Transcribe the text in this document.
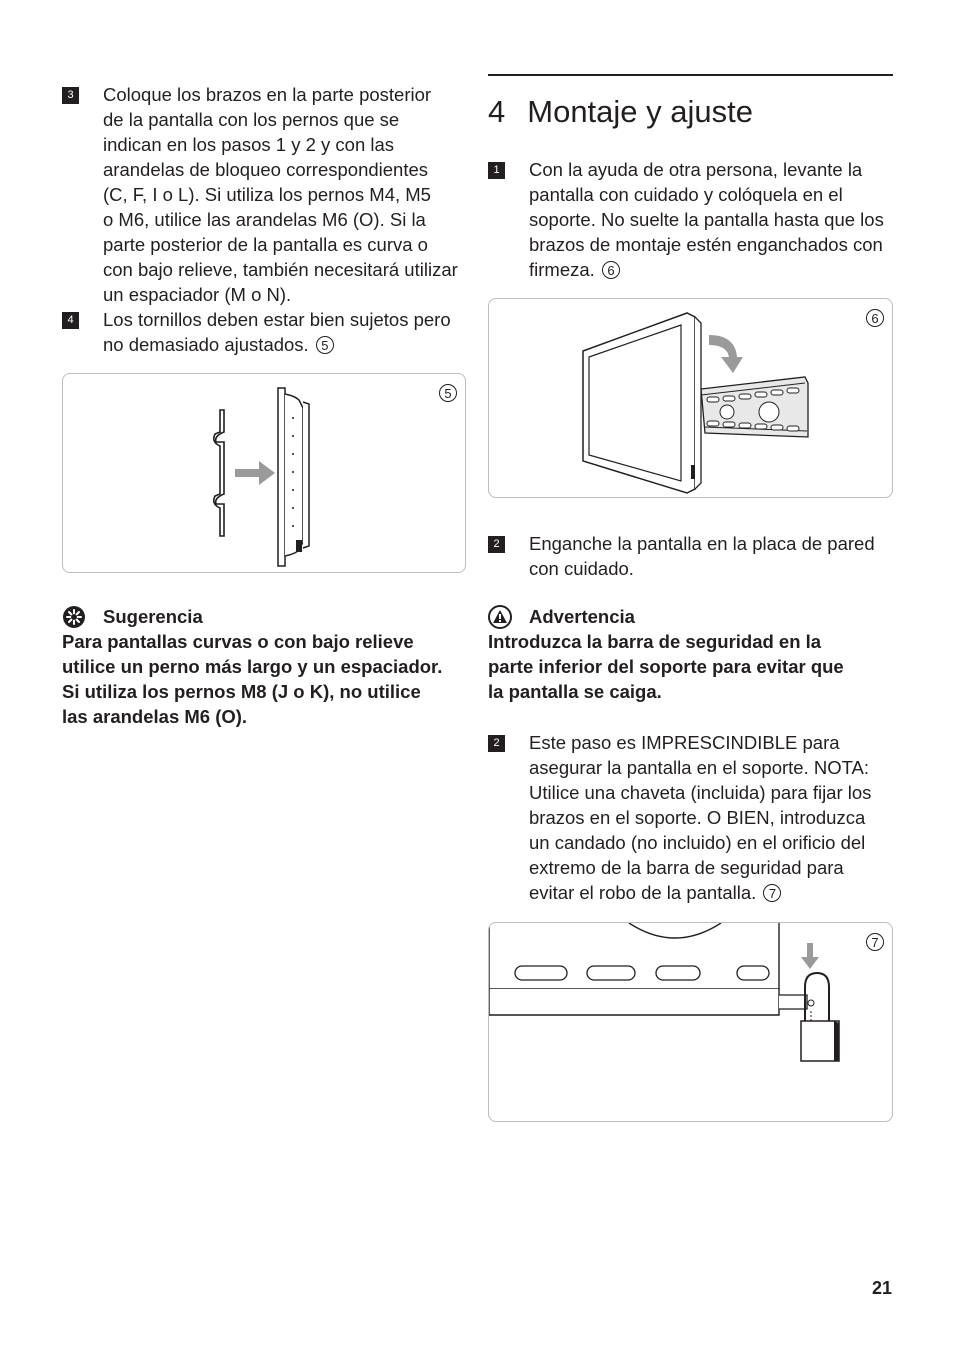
3 Coloque los brazos en la parte posterior
de la pantalla con los pernos que se
indican en los pasos 1 y 2 y con las
arandelas de bloqueo correspondientes
(C, F, I o L). Si utiliza los pernos M4, M5
o M6, utilice las arandelas M6 (O). Si la
parte posterior de la pantalla es curva o
con bajo relieve, también necesitará utilizar
un espaciador (M o N).
4 Los tornillos deben estar bien sujetos pero
no demasiado ajustados. 5
5
Sugerencia
Para pantallas curvas o con bajo relieve
utilice un perno más largo y un espaciador.
Si utiliza los pernos M8 (J o K), no utilice
las arandelas M6 (O).
4 Montaje y ajuste
1 Con la ayuda de otra persona, levante la
pantalla con cuidado y colóquela en el
soporte. No suelte la pantalla hasta que los
brazos de montaje estén enganchados con
firmeza. 6
6
2 Enganche la pantalla en la placa de pared
con cuidado.
Advertencia
Introduzca la barra de seguridad en la
parte inferior del soporte para evitar que
la pantalla se caiga.
2 Este paso es IMPRESCINDIBLE para
asegurar la pantalla en el soporte. NOTA:
Utilice una chaveta (incluida) para fijar los
brazos en el soporte. O BIEN, introduzca
un candado (no incluido) en el orificio del
extremo de la barra de seguridad para
evitar el robo de la pantalla. 7
7
21
